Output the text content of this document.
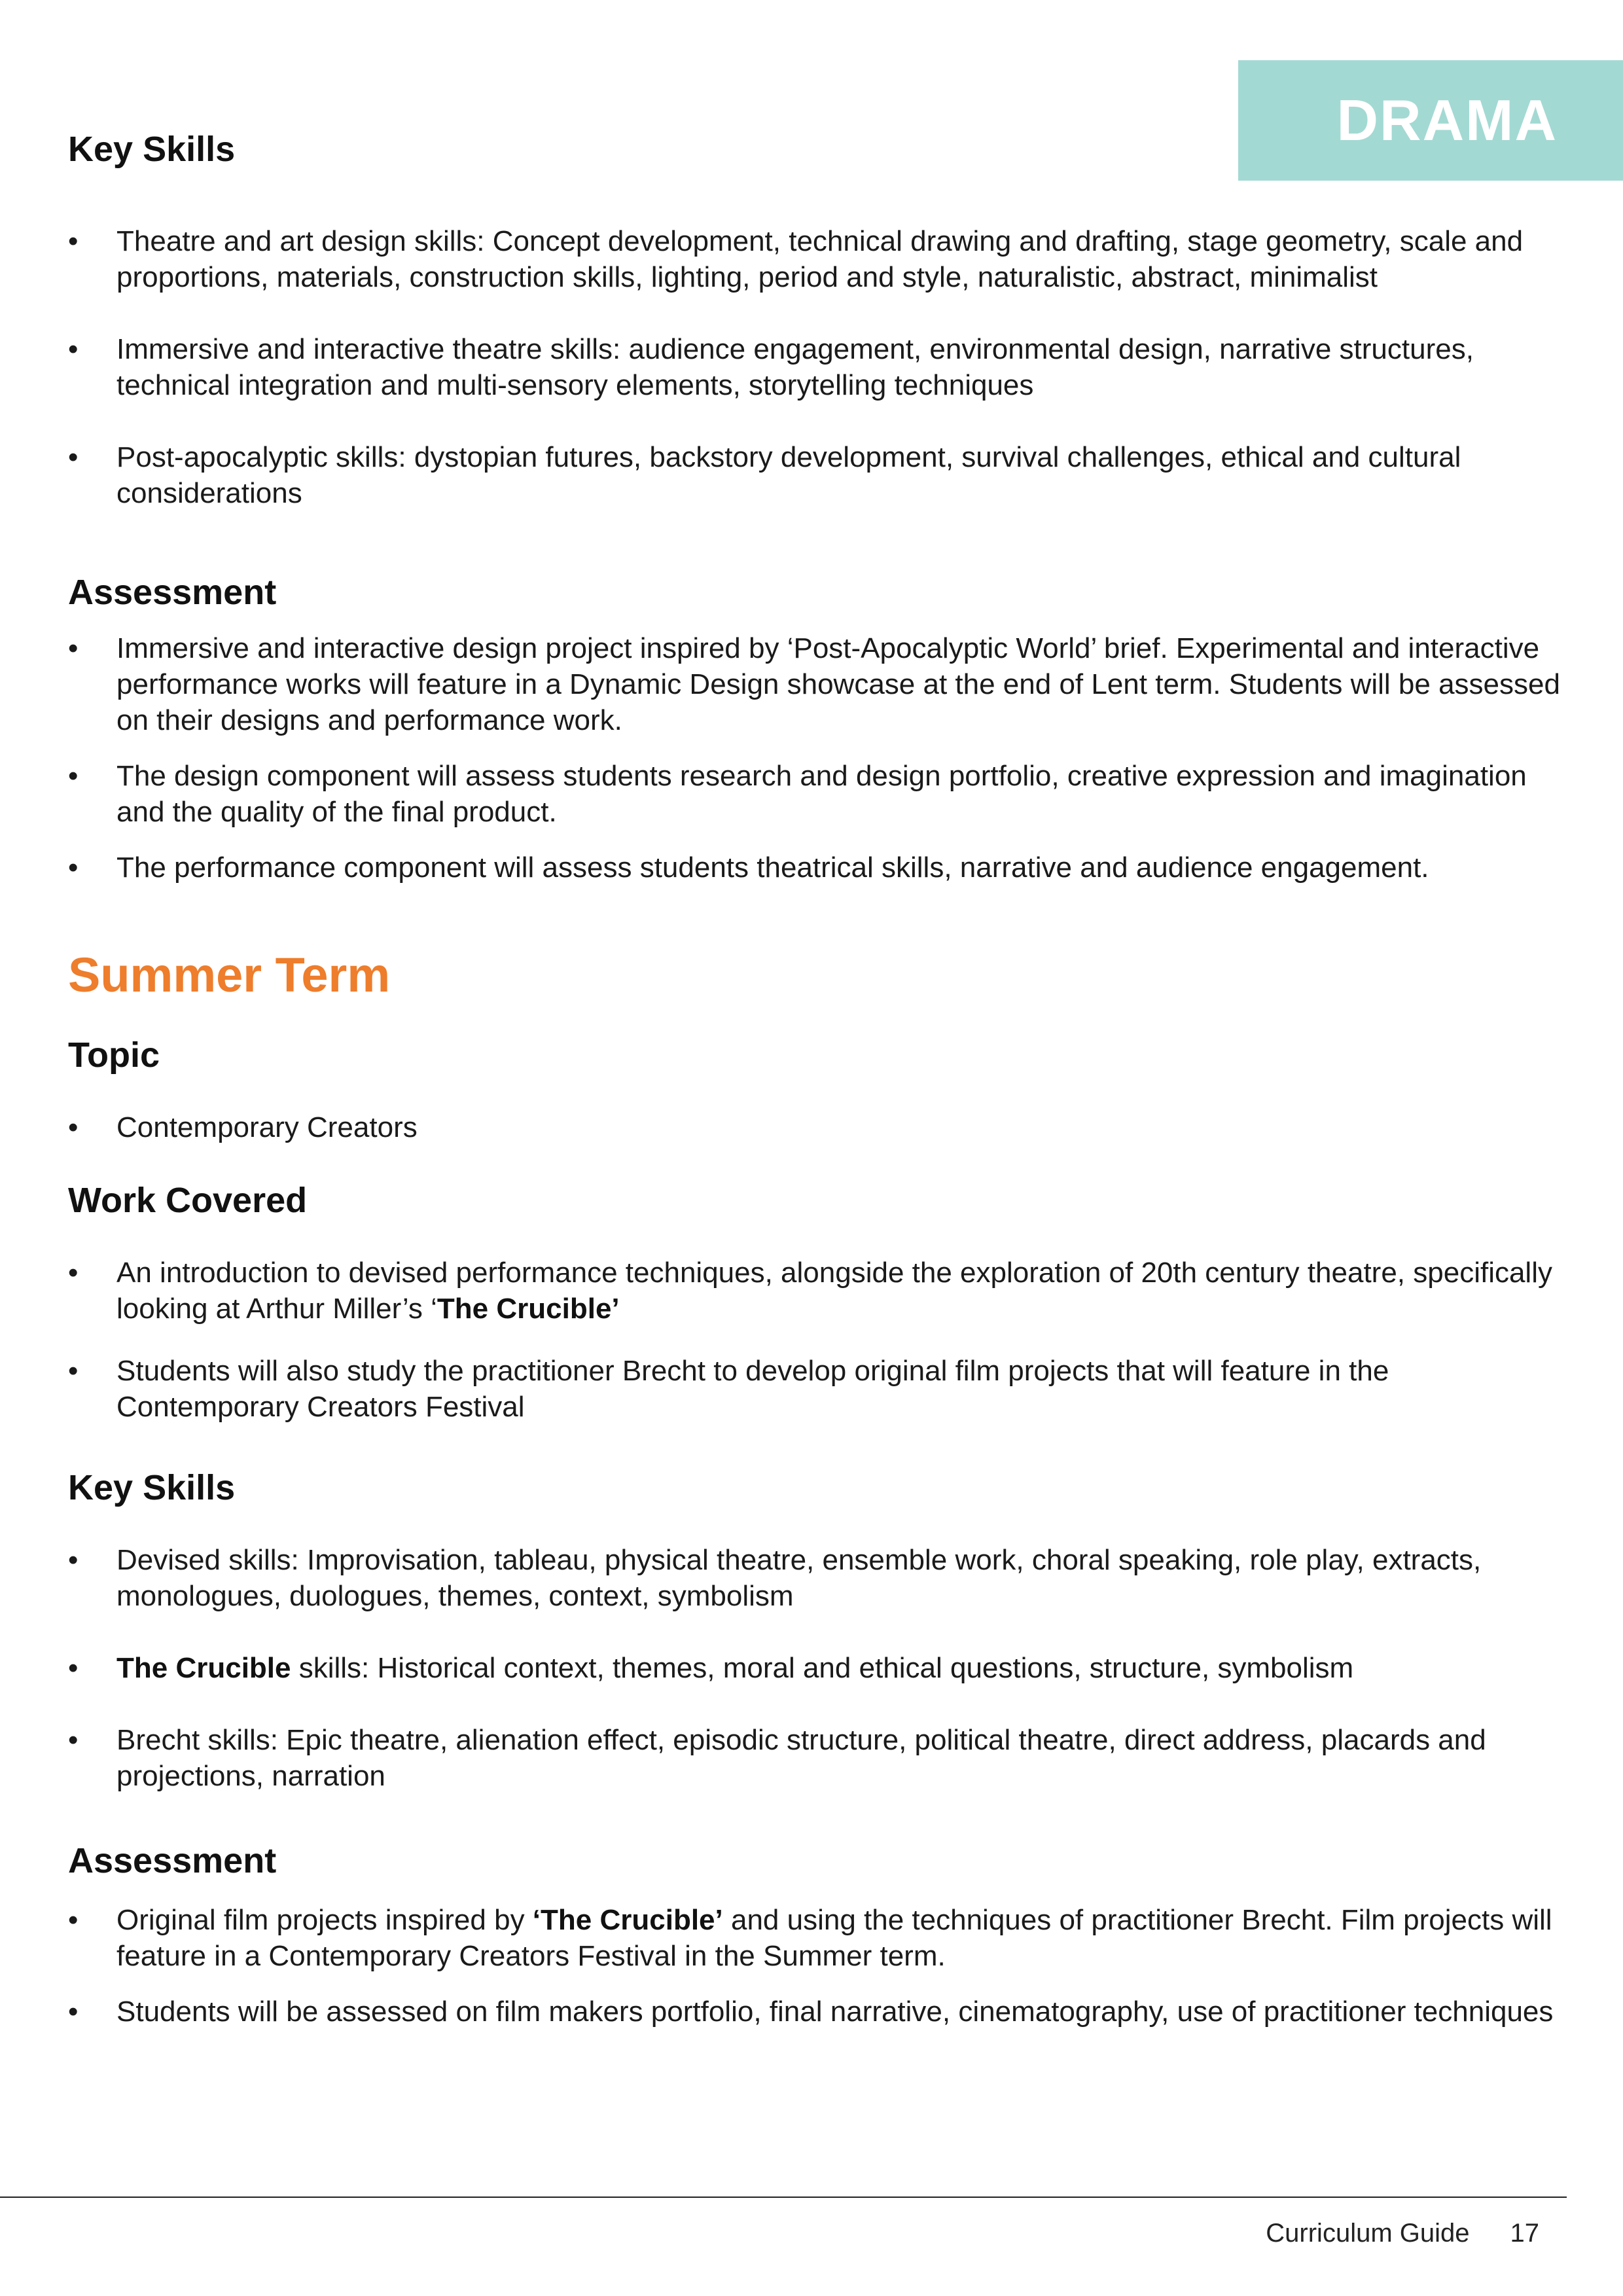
DRAMA
Key Skills
• Theatre and art design skills: Concept development, technical drawing and drafting, stage geometry, scale and proportions, materials, construction skills, lighting, period and style, naturalistic, abstract, minimalist
• Immersive and interactive theatre skills: audience engagement, environmental design, narrative structures, technical integration and multi-sensory elements, storytelling techniques
• Post-apocalyptic skills: dystopian futures, backstory development, survival challenges, ethical and cultural considerations
Assessment
• Immersive and interactive design project inspired by ‘Post-Apocalyptic World’ brief. Experimental and interactive performance works will feature in a Dynamic Design showcase at the end of Lent term. Students will be assessed on their designs and performance work.
• The design component will assess students research and design portfolio, creative expression and imagination and the quality of the final product.
• The performance component will assess students theatrical skills, narrative and audience engagement.
Summer Term
Topic
• Contemporary Creators
Work Covered
• An introduction to devised performance techniques, alongside the exploration of 20th century theatre, specifically looking at Arthur Miller’s ‘The Crucible’
• Students will also study the practitioner Brecht to develop original film projects that will feature in the Contemporary Creators Festival
Key Skills
• Devised skills: Improvisation, tableau, physical theatre, ensemble work, choral speaking, role play, extracts, monologues, duologues, themes, context, symbolism
• The Crucible skills: Historical context, themes, moral and ethical questions, structure, symbolism
• Brecht skills: Epic theatre, alienation effect, episodic structure, political theatre, direct address, placards and projections, narration
Assessment
• Original film projects inspired by ‘The Crucible’ and using the techniques of practitioner Brecht. Film projects will feature in a Contemporary Creators Festival in the Summer term.
• Students will be assessed on film makers portfolio, final narrative, cinematography, use of practitioner techniques
Curriculum Guide 17
